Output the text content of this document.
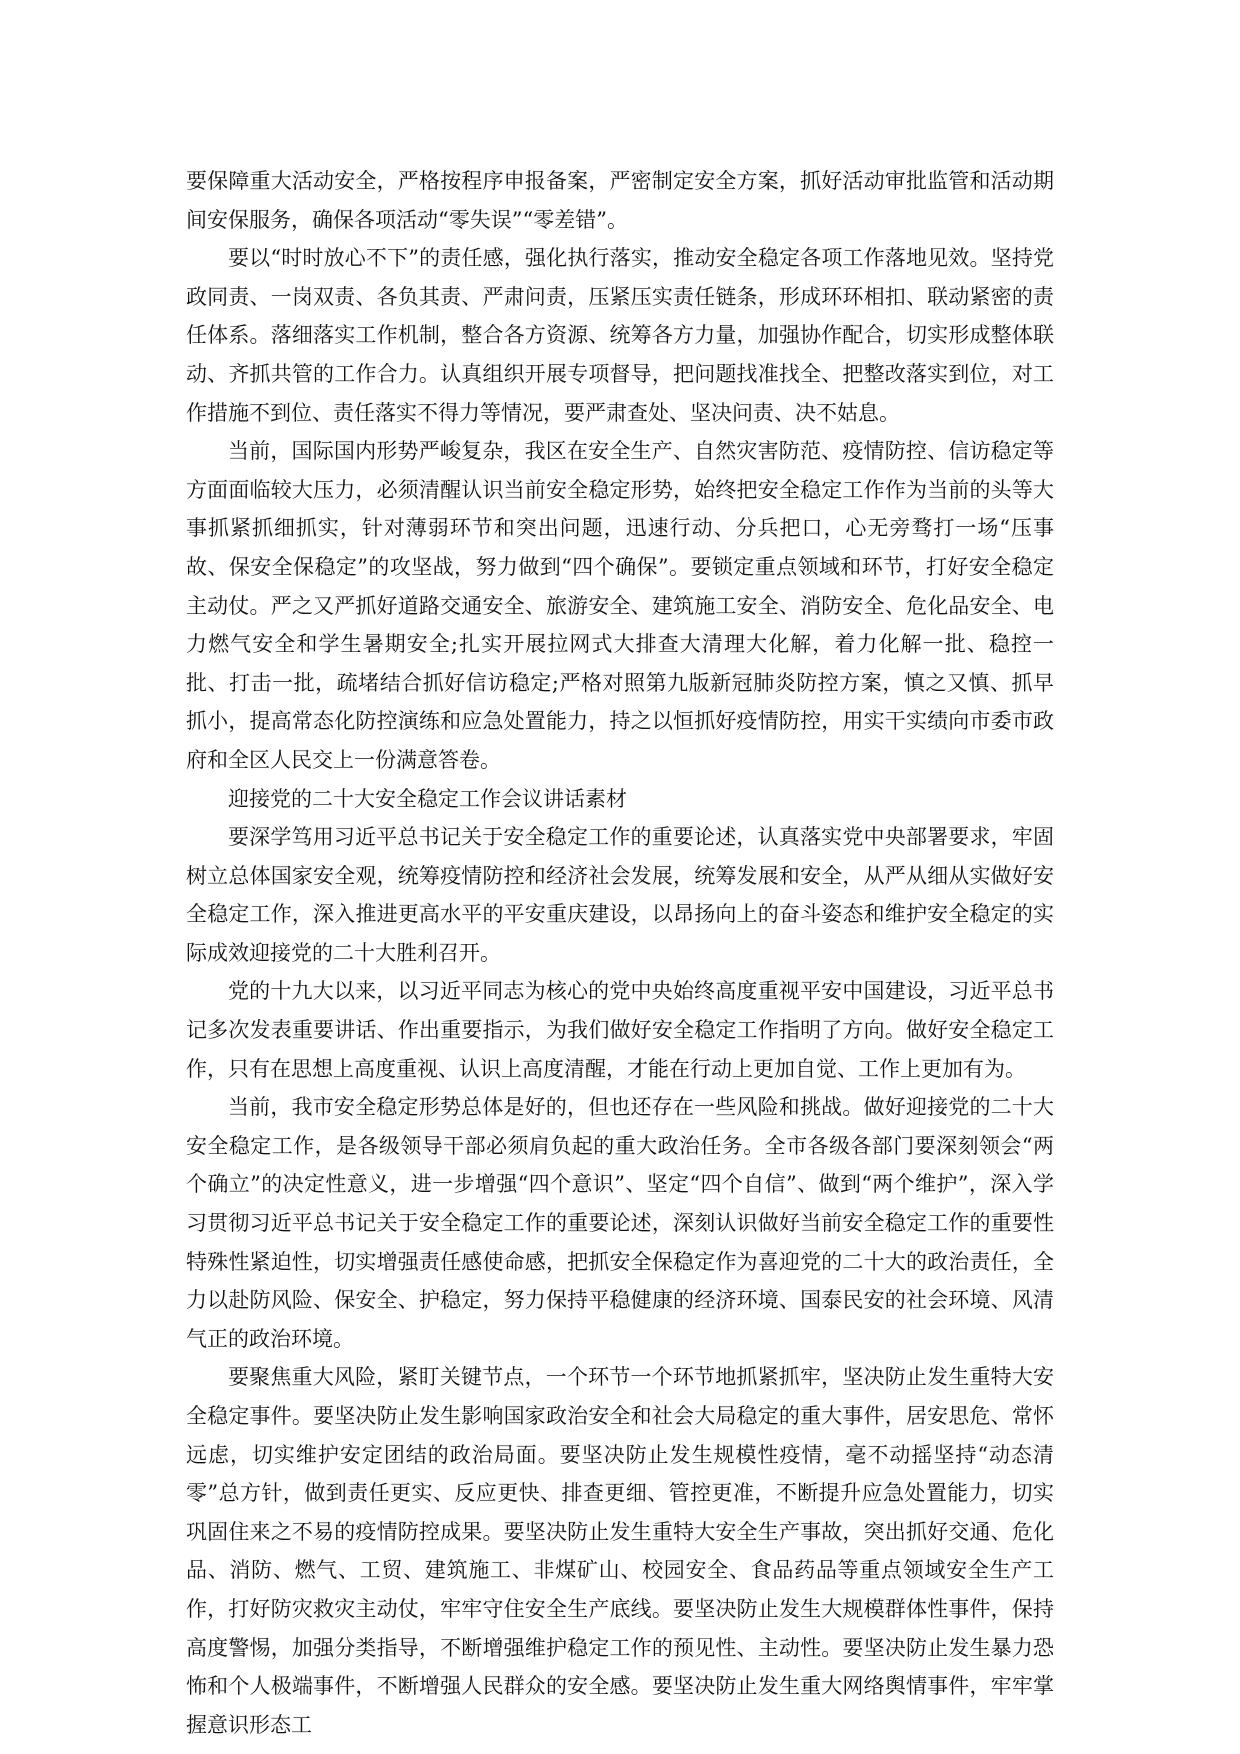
要保障重大活动安全，严格按程序申报备案，严密制定安全方案，抓好活动审批监管和活动期间安保服务，确保各项活动“零失误”“零差错”。

要以“时时放心不下”的责任感，强化执行落实，推动安全稳定各项工作落地见效。坚持党政同责、一岗双责、各负其责、严肃问责，压紧压实责任链条，形成环环相扣、联动紧密的责任体系。落细落实工作机制，整合各方资源、统筹各方力量，加强协作配合，切实形成整体联动、齐抓共管的工作合力。认真组织开展专项督导，把问题找准找全、把整改落实到位，对工作措施不到位、责任落实不得力等情况，要严肃查处、坚决问责、决不姑息。

当前，国际国内形势严峻复杂，我区在安全生产、自然灾害防范、疫情防控、信访稳定等方面面临较大压力，必须清醒认识当前安全稳定形势，始终把安全稳定工作作为当前的头等大事抓紧抓细抓实，针对薄弱环节和突出问题，迅速行动、分兵把口，心无旁骛打一场“压事故、保安全保稳定”的攻坚战，努力做到“四个确保”。要锁定重点领域和环节，打好安全稳定主动仗。严之又严抓好道路交通安全、旅游安全、建筑施工安全、消防安全、危化品安全、电力燃气安全和学生暑期安全;扎实开展拉网式大排查大清理大化解，着力化解一批、稳控一批、打击一批，疏堵结合抓好信访稳定;严格对照第九版新冠肺炎防控方案，慎之又慎、抓早抓小，提高常态化防控演练和应急处置能力，持之以恒抓好疫情防控，用实干实绩向市委市政府和全区人民交上一份满意答卷。

迎接党的二十大安全稳定工作会议讲话素材

要深学笃用习近平总书记关于安全稳定工作的重要论述，认真落实党中央部署要求，牢固树立总体国家安全观，统筹疫情防控和经济社会发展，统筹发展和安全，从严从细从实做好安全稳定工作，深入推进更高水平的平安重庆建设，以昂扬向上的奋斗姿态和维护安全稳定的实际成效迎接党的二十大胜利召开。

党的十九大以来，以习近平同志为核心的党中央始终高度重视平安中国建设，习近平总书记多次发表重要讲话、作出重要指示，为我们做好安全稳定工作指明了方向。做好安全稳定工作，只有在思想上高度重视、认识上高度清醒，才能在行动上更加自觉、工作上更加有为。

当前，我市安全稳定形势总体是好的，但也还存在一些风险和挑战。做好迎接党的二十大安全稳定工作，是各级领导干部必须肩负起的重大政治任务。全市各级各部门要深刻领会“两个确立”的决定性意义，进一步增强“四个意识”、坚定“四个自信”、做到“两个维护”，深入学习贯彻习近平总书记关于安全稳定工作的重要论述，深刻认识做好当前安全稳定工作的重要性特殊性紧迫性，切实增强责任感使命感，把抓安全保稳定作为喜迎党的二十大的政治责任，全力以赴防风险、保安全、护稳定，努力保持平稳健康的经济环境、国泰民安的社会环境、风清气正的政治环境。

要聚焦重大风险，紧盯关键节点，一个环节一个环节地抓紧抓牢，坚决防止发生重特大安全稳定事件。要坚决防止发生影响国家政治安全和社会大局稳定的重大事件，居安思危、常怀远虑，切实维护安定团结的政治局面。要坚决防止发生规模性疫情，毫不动摇坚持“动态清零”总方针，做到责任更实、反应更快、排查更细、管控更准，不断提升应急处置能力，切实巩固住来之不易的疫情防控成果。要坚决防止发生重特大安全生产事故，突出抓好交通、危化品、消防、燃气、工贸、建筑施工、非煤矿山、校园安全、食品药品等重点领域安全生产工作，打好防灾救灾主动仗，牢牢守住安全生产底线。要坚决防止发生大规模群体性事件，保持高度警惕，加强分类指导，不断增强维护稳定工作的预见性、主动性。要坚决防止发生暴力恐怖和个人极端事件，不断增强人民群众的安全感。要坚决防止发生重大网络舆情事件，牢牢掌握意识形态工
